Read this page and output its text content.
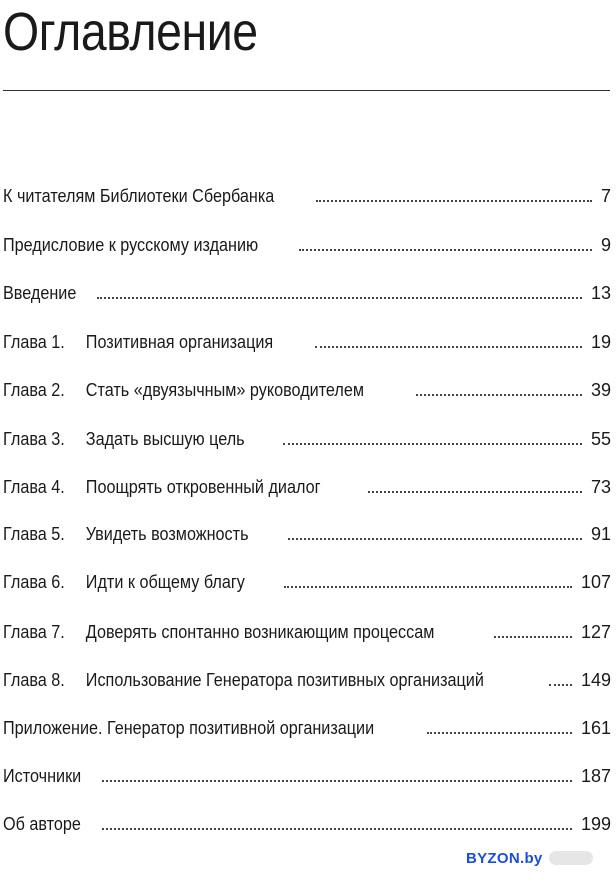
Оглавление
К читателям Библиотеки Сбербанка	7
Предисловие к русскому изданию	9
Введение	13
Глава 1.	Позитивная организация	19
Глава 2.	Стать «двуязычным» руководителем	39
Глава 3.	Задать высшую цель	55
Глава 4.	Поощрять откровенный диалог	73
Глава 5.	Увидеть возможность	91
Глава 6.	Идти к общему благу	107
Глава 7.	Доверять спонтанно возникающим процессам	127
Глава 8.	Использование Генератора позитивных организаций	149
Приложение. Генератор позитивной организации	161
Источники	187
Об авторе	199
BYZON.by
